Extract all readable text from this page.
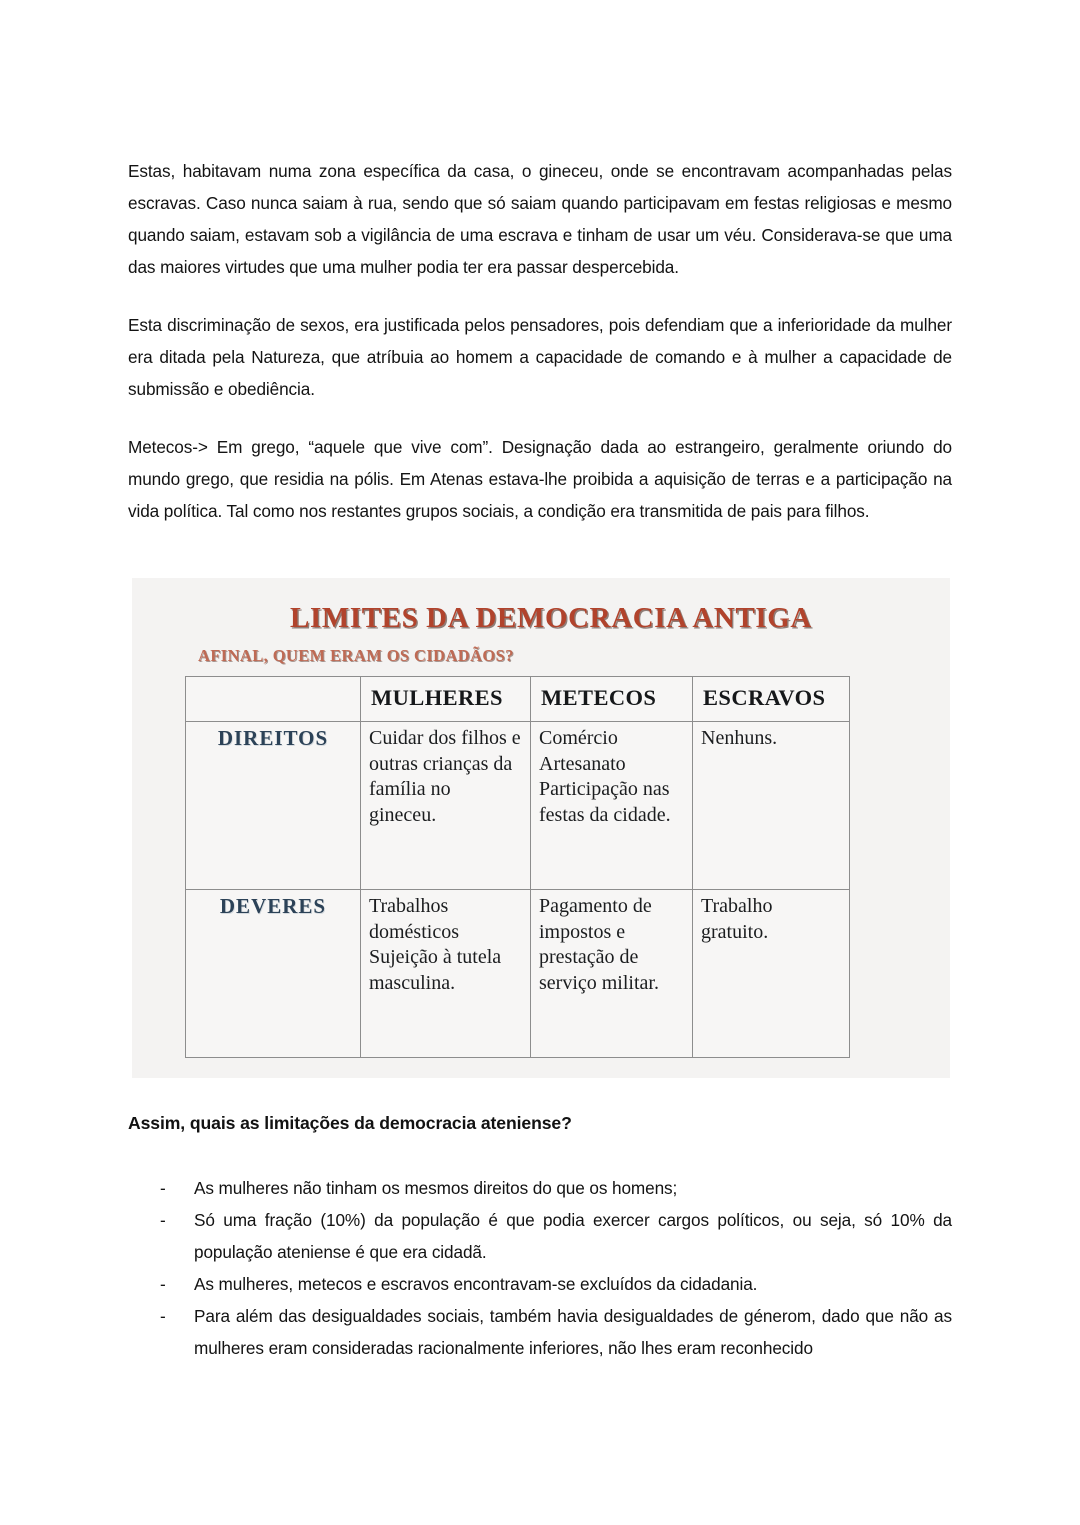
Estas, habitavam numa zona específica da casa, o gineceu, onde se encontravam acompanhadas pelas escravas. Caso nunca saiam à rua, sendo que só saiam quando participavam em festas religiosas e mesmo quando saiam, estavam sob a vigilância de uma escrava e tinham de usar um véu. Considerava-se que uma das maiores virtudes que uma mulher podia ter era passar despercebida.

Esta discriminação de sexos, era justificada pelos pensadores, pois defendiam que a inferioridade da mulher era ditada pela Natureza, que atríbuia ao homem a capacidade de comando e à mulher a capacidade de submissão e obediência.

Metecos-> Em grego, “aquele que vive com”. Designação dada ao estrangeiro, geralmente oriundo do mundo grego, que residia na pólis. Em Atenas estava-lhe proibida a aquisição de terras e a participação na vida política. Tal como nos restantes grupos sociais, a condição era transmitida de pais para filhos.

LIMITES DA DEMOCRACIA ANTIGA
AFINAL, QUEM ERAM OS CIDADÃOS?
	MULHERES	METECOS	ESCRAVOS
DIREITOS	Cuidar dos filhos e outras crianças da família no gineceu.	Comércio Artesanato Participação nas festas da cidade.	Nenhuns.
DEVERES	Trabalhos domésticos Sujeição à tutela masculina.	Pagamento de impostos e prestação de serviço militar.	Trabalho gratuito.
Assim, quais as limitações da democracia ateniense?
- As mulheres não tinham os mesmos direitos do que os homens;
- Só uma fração (10%) da população é que podia exercer cargos políticos, ou seja, só 10% da população ateniense é que era cidadã.
- As mulheres, metecos e escravos encontravam-se excluídos da cidadania.
- Para além das desigualdades sociais, também havia desigualdades de génerom, dado que não as mulheres eram consideradas racionalmente inferiores, não lhes eram reconhecido
